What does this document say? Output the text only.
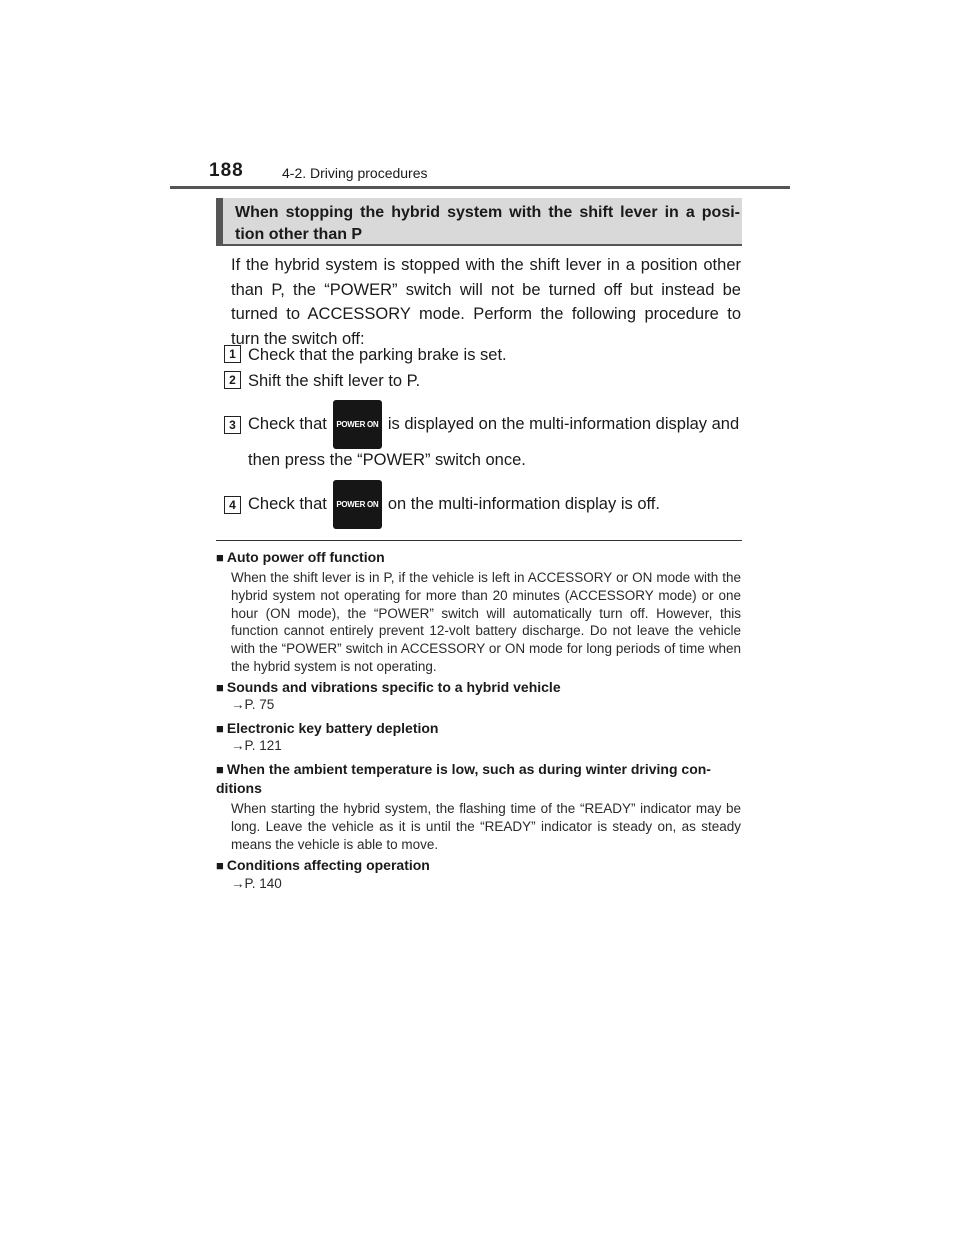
188	4-2. Driving procedures
When stopping the hybrid system with the shift lever in a posi-tion other than P
If the hybrid system is stopped with the shift lever in a position other than P, the “POWER” switch will not be turned off but instead be turned to ACCESSORY mode. Perform the following procedure to turn the switch off:
1 Check that the parking brake is set.
2 Shift the shift lever to P.
3 Check that POWER ON is displayed on the multi-information display and
then press the “POWER” switch once.
4 Check that POWER ON on the multi-information display is off.
■ Auto power off function
When the shift lever is in P, if the vehicle is left in ACCESSORY or ON mode with the hybrid system not operating for more than 20 minutes (ACCESSORY mode) or one hour (ON mode), the “POWER” switch will automatically turn off. However, this function cannot entirely prevent 12-volt battery discharge. Do not leave the vehicle with the “POWER” switch in ACCESSORY or ON mode for long periods of time when the hybrid system is not operating.
■ Sounds and vibrations specific to a hybrid vehicle
→P. 75
■ Electronic key battery depletion
→P. 121
■ When the ambient temperature is low, such as during winter driving con-ditions
When starting the hybrid system, the flashing time of the “READY” indicator may be long. Leave the vehicle as it is until the “READY” indicator is steady on, as steady means the vehicle is able to move.
■ Conditions affecting operation
→P. 140
